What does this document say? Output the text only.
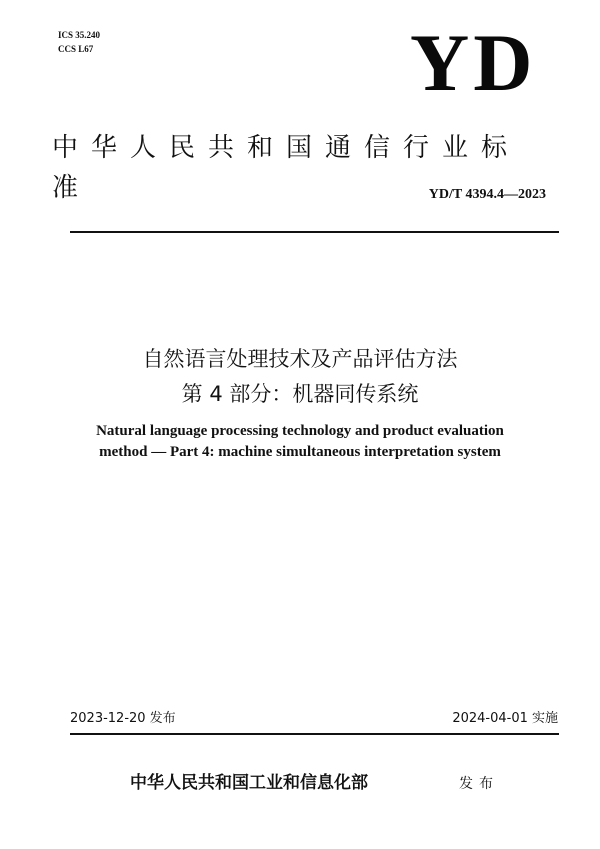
ICS 35.240
CCS L67	YD
中华人民共和国通信行业标准	YD/T 4394.4—2023
自然语言处理技术及产品评估方法
第 4 部分：机器同传系统
Natural language processing technology and product evaluation
method — Part 4: machine simultaneous interpretation system
2023-12-20 发布	2024-04-01 实施
中华人民共和国工业和信息化部	发布
